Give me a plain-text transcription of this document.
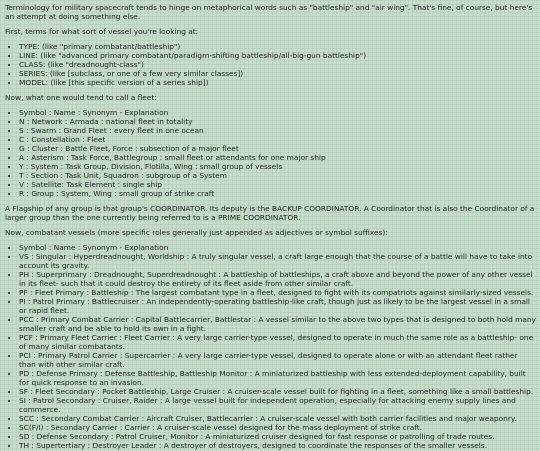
Terminology for military spacecraft tends to hinge on metaphorical words such as "battleship" and "air wing". That's fine, of course, but here's an attempt at doing something else.

First, terms for what sort of vessel you're looking at:

• TYPE: (like "primary combatant/battleship")
• LINE: (like "advanced primary combatant/paradigm-shifting battleship/all-big-gun battleship")
• CLASS: (like "dreadnought-class")
• SERIES: (like [subclass, or one of a few very similar classes])
• MODEL: (like [this specific version of a series ship])

Now, what one would tend to call a fleet:

• Symbol : Name : Synonym - Explanation
• N : Network : Armada : national fleet in totality
• S : Swarm : Grand Fleet : every fleet in one ocean
• C : Constellation : Fleet
• G : Cluster : Battle Fleet, Force : subsection of a major fleet
• A : Asterism : Task Force, Battlegroup : small fleet or attendants for one major ship
• Y : System : Task Group, Division, Flotilla, Wing : small group of vessels
• T : Section : Task Unit, Squadron : subgroup of a System
• V : Satellite: Task Element : single ship
• R : Group : System, Wing : small group of strike craft

A Flagship of any group is that group's COORDINATOR. Its deputy is the BACKUP COORDINATOR. A Coordinator that is also the Coordinator of a larger group than the one currently being referred to is a PRIME COORDINATOR.

Now, combatant vessels (more specific roles generally just appended as adjectives or symbol suffixes):

• Symbol : Name : Synonym - Explanation
• VS : Singular : Hyperdreadnought, Worldship : A truly singular vessel, a craft large enough that the course of a battle will have to take into account its gravity.
• PH : Superprimary : Dreadnought, Superdreadnought : A battleship of battleships, a craft above and beyond the power of any other vessel in its fleet- such that it could destroy the entirety of its fleet aside from other similar craft.
• PF : Fleet Primary : Battleship : The largest combatant type in a fleet, designed to fight with its compatriots against similarly-sized vessels.
• PI : Patrol Primary : Battlecruiser : An independently-operating battleship-like craft, though just as likely to be the largest vessel in a small or rapid fleet.
• PCC : Primary Combat Carrier : Capital Battlecarrier, Battlestar : A vessel similar to the above two types that is designed to both hold many smaller craft and be able to hold its own in a fight.
• PCF : Primary Fleet Carrier : Fleet Carrier : A very large carrier-type vessel, designed to operate in much the same role as a battleship- one of many similar combatants.
• PCI : Primary Patrol Carrier : Supercarrier : A very large carrier-type vessel, designed to operate alone or with an attendant fleet rather than with other similar craft.
• PD : Defense Primary : Defense Battleship, Battleship Monitor : A miniaturized battleship with less extended-deployment capability, built for quick response to an invasion.
• SF : Fleet Secondary : Pocket Battleship, Large Cruiser : A cruiser-scale vessel built for fighting in a fleet, something like a small battleship.
• SI : Patrol Secondary : Cruiser, Raider : A large vessel built for independent operation, especially for attacking enemy supply lines and commerce.
• SCC : Secondary Combat Carrier : Aircraft Cruiser, Battlecarrier : A cruiser-scale vessel with both carrier facilities and major weaponry.
• SC(F/I) : Secondary Carrier : Carrier : A cruiser-scale vessel designed for the mass deployment of strike craft.
• SD : Defense Secondary : Patrol Cruiser, Monitor : A miniaturized cruiser designed for fast response or patrolling of trade routes.
• TH : Supertertiary : Destroyer Leader : A destroyer of destroyers, designed to coordinate the responses of the smaller vessels.
